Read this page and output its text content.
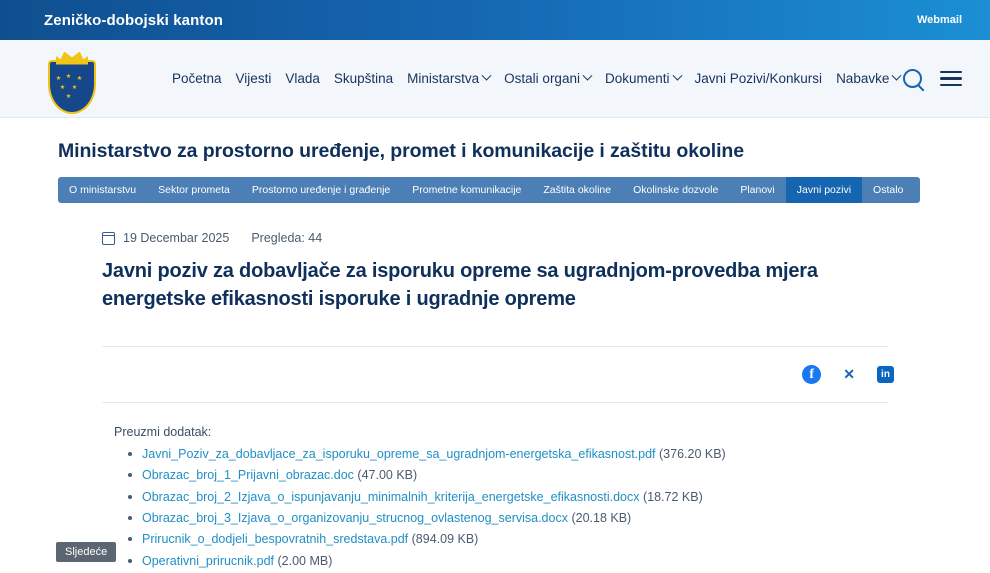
Zeničko-dobojski kanton	Webmail
Početna Vijesti Vlada Skupština Ministarstva Ostali organi Dokumenti Javni Pozivi/Konkursi Nabavke
Ministarstvo za prostorno uređenje, promet i komunikacije i zaštitu okoline
O ministarstvu	Sektor prometa	Prostorno uređenje i građenje	Prometne komunikacije	Zaštita okoline	Okolinske dozvole	Planovi	Javni pozivi	Ostalo
19 Decembar 2025 Pregleda: 44
Javni poziv za dobavljače za isporuku opreme sa ugradnjom-provedba mjera energetske efikasnosti isporuke i ugradnje opreme
f	✕	in
Preuzmi dodatak:
Javni_Poziv_za_dobavljace_za_isporuku_opreme_sa_ugradnjom-energetska_efikasnost.pdf (376.20 KB)
Obrazac_broj_1_Prijavni_obrazac.doc (47.00 KB)
Obrazac_broj_2_Izjava_o_ispunjavanju_minimalnih_kriterija_energetske_efikasnosti.docx (18.72 KB)
Obrazac_broj_3_Izjava_o_organizovanju_strucnog_ovlastenog_servisa.docx (20.18 KB)
Prirucnik_o_dodjeli_bespovratnih_sredstava.pdf (894.09 KB)
Operativni_prirucnik.pdf (2.00 MB)
Sljedeće
